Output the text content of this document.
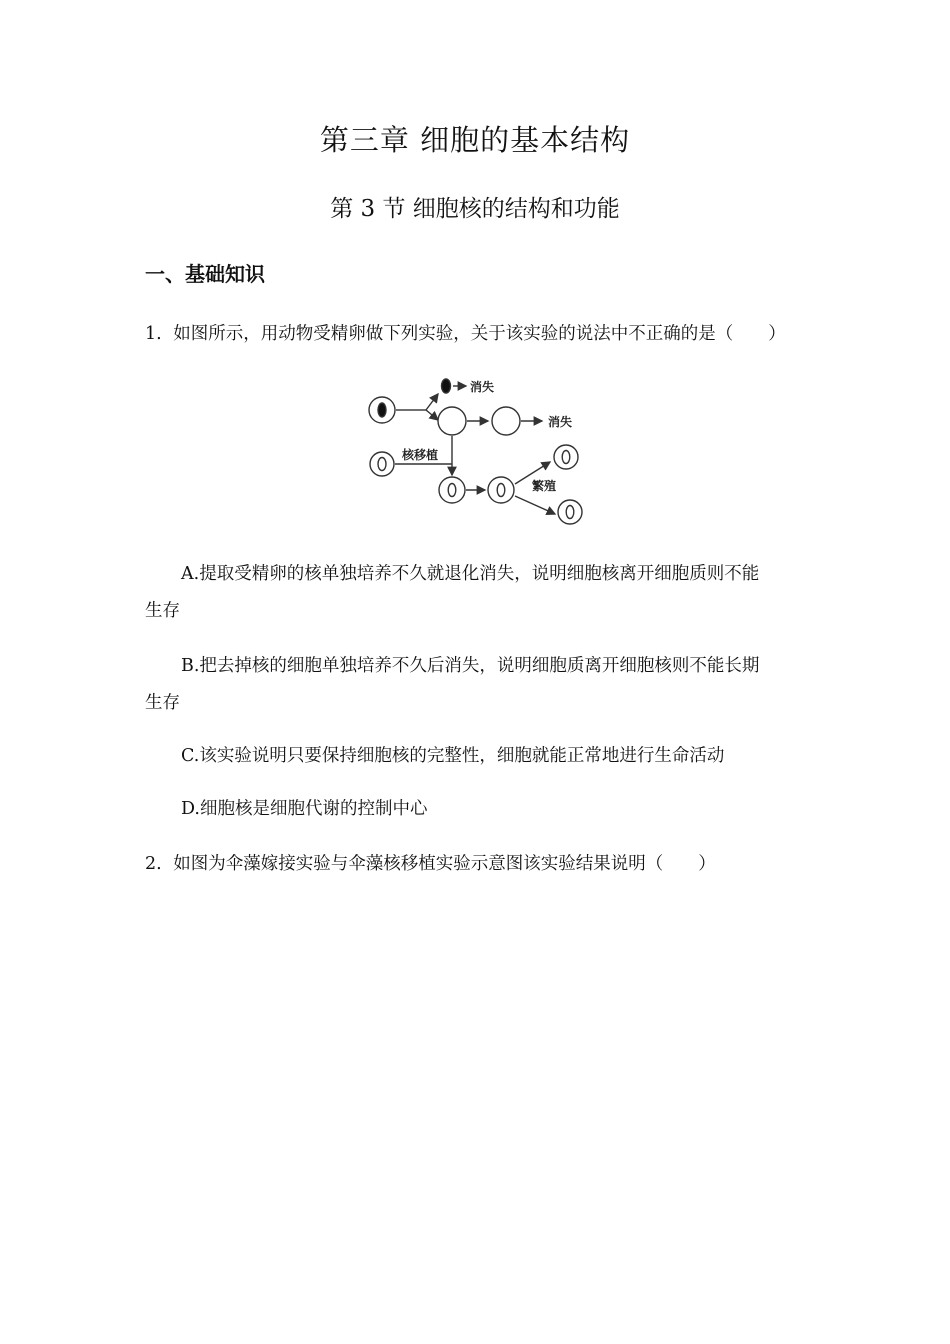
第三章 细胞的基本结构
第 3 节 细胞核的结构和功能
一、基础知识
1. 如图所示，用动物受精卵做下列实验，关于该实验的说法中不正确的是（　　）
消失
消失
核移植
繁殖
A.提取受精卵的核单独培养不久就退化消失，说明细胞核离开细胞质则不能
生存
B.把去掉核的细胞单独培养不久后消失，说明细胞质离开细胞核则不能长期
生存
C.该实验说明只要保持细胞核的完整性，细胞就能正常地进行生命活动
D.细胞核是细胞代谢的控制中心
2. 如图为伞藻嫁接实验与伞藻核移植实验示意图该实验结果说明（　　）
